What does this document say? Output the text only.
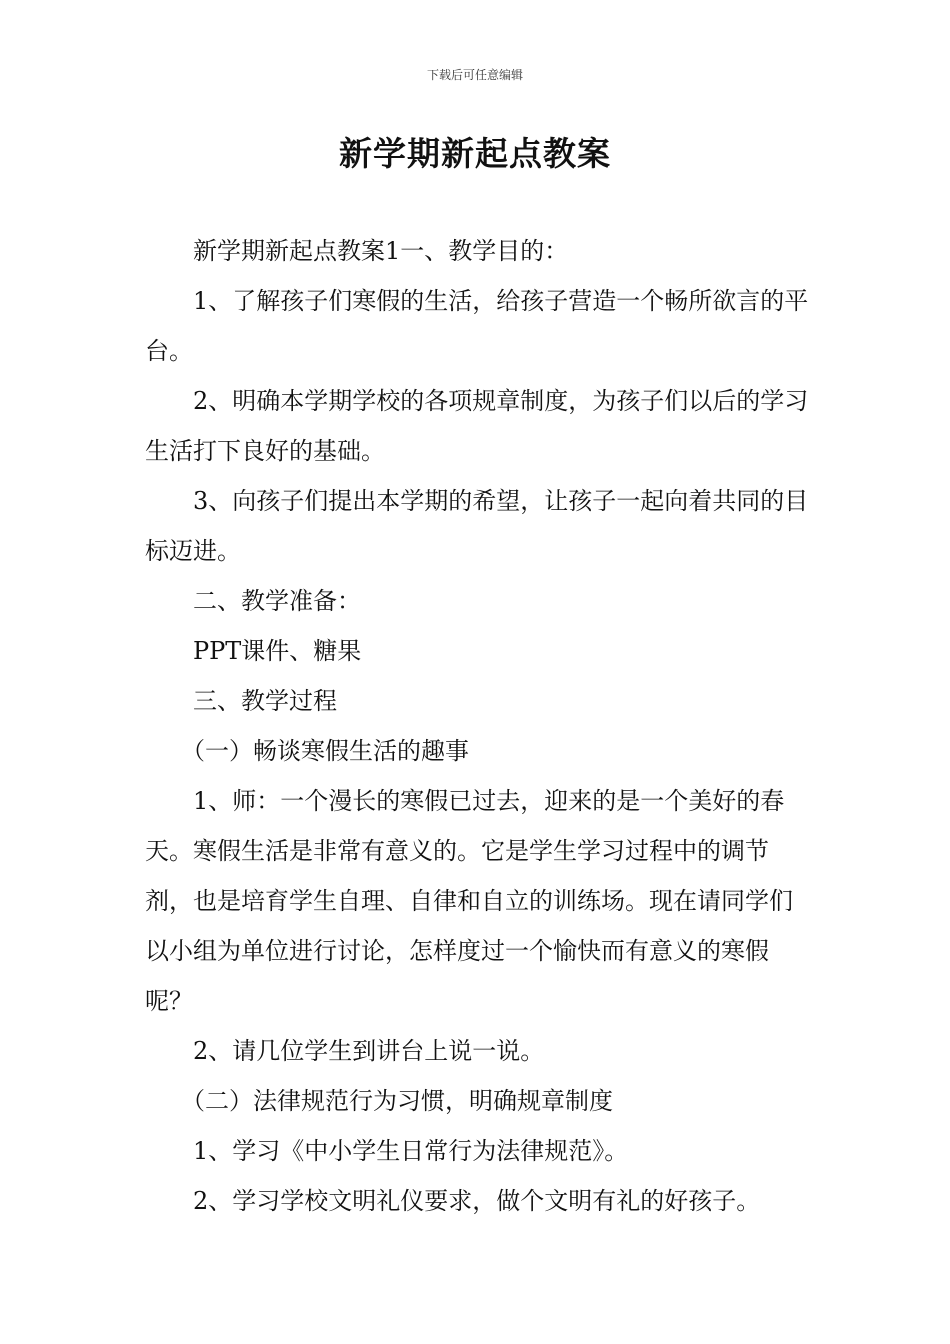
下载后可任意编辑
新学期新起点教案

新学期新起点教案1一、教学目的：

1、了解孩子们寒假的生活，给孩子营造一个畅所欲言的平台。

2、明确本学期学校的各项规章制度，为孩子们以后的学习生活打下良好的基础。

3、向孩子们提出本学期的希望，让孩子一起向着共同的目标迈进。

二、教学准备：

PPT课件、糖果

三、教学过程

（一）畅谈寒假生活的趣事

1、师：一个漫长的寒假已过去，迎来的是一个美好的春天。寒假生活是非常有意义的。它是学生学习过程中的调节剂，也是培育学生自理、自律和自立的训练场。现在请同学们以小组为单位进行讨论，怎样度过一个愉快而有意义的寒假呢？

2、请几位学生到讲台上说一说。

（二）法律规范行为习惯，明确规章制度

1、学习《中小学生日常行为法律规范》。

2、学习学校文明礼仪要求，做个文明有礼的好孩子。
